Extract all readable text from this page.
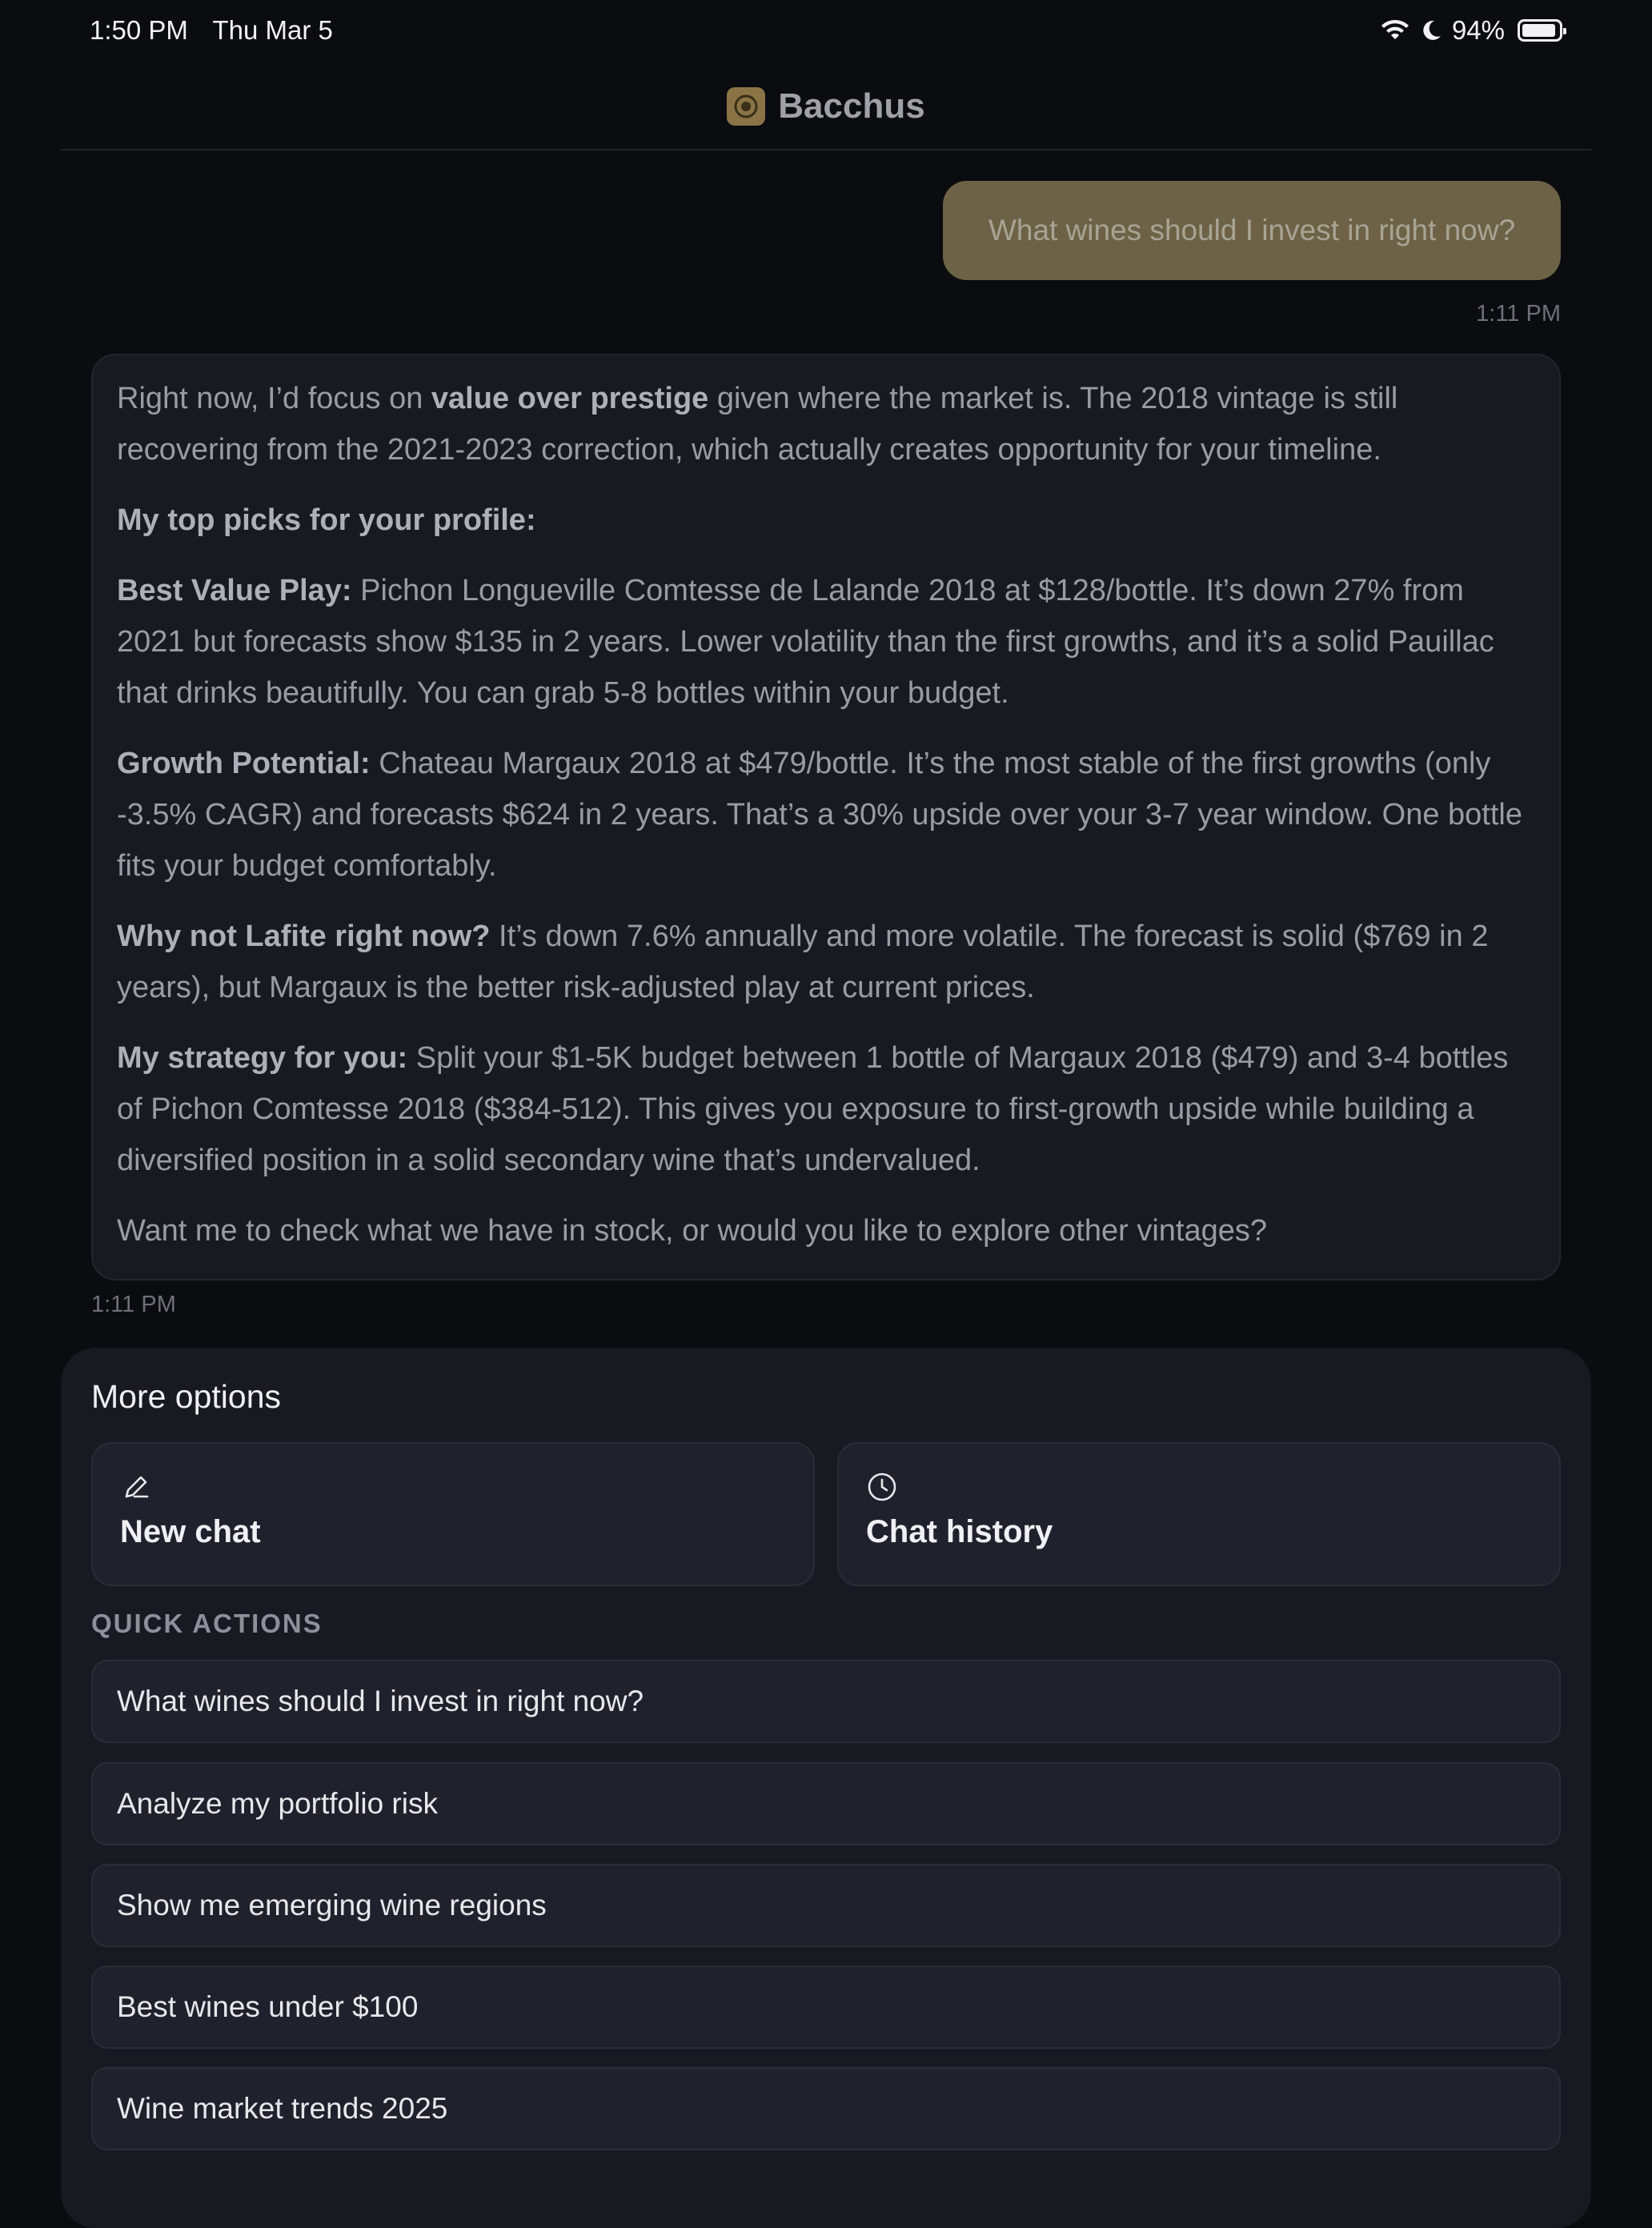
1:50 PM Thu Mar 5	94%
Bacchus
What wines should I invest in right now?
1:11 PM

Right now, I’d focus on value over prestige given where the market is. The 2018 vintage is still recovering from the 2021-2023 correction, which actually creates opportunity for your timeline.

My top picks for your profile:

Best Value Play: Pichon Longueville Comtesse de Lalande 2018 at $128/bottle. It’s down 27% from 2021 but forecasts show $135 in 2 years. Lower volatility than the first growths, and it’s a solid Pauillac that drinks beautifully. You can grab 5-8 bottles within your budget.

Growth Potential: Chateau Margaux 2018 at $479/bottle. It’s the most stable of the first growths (only -3.5% CAGR) and forecasts $624 in 2 years. That’s a 30% upside over your 3-7 year window. One bottle fits your budget comfortably.

Why not Lafite right now? It’s down 7.6% annually and more volatile. The forecast is solid ($769 in 2 years), but Margaux is the better risk-adjusted play at current prices.

My strategy for you: Split your $1-5K budget between 1 bottle of Margaux 2018 ($479) and 3-4 bottles of Pichon Comtesse 2018 ($384-512). This gives you exposure to first-growth upside while building a diversified position in a solid secondary wine that’s undervalued.

Want me to check what we have in stock, or would you like to explore other vintages?

1:11 PM
More options
New chat	Chat history
QUICK ACTIONS
What wines should I invest in right now?
Analyze my portfolio risk
Show me emerging wine regions
Best wines under $100
Wine market trends 2025
